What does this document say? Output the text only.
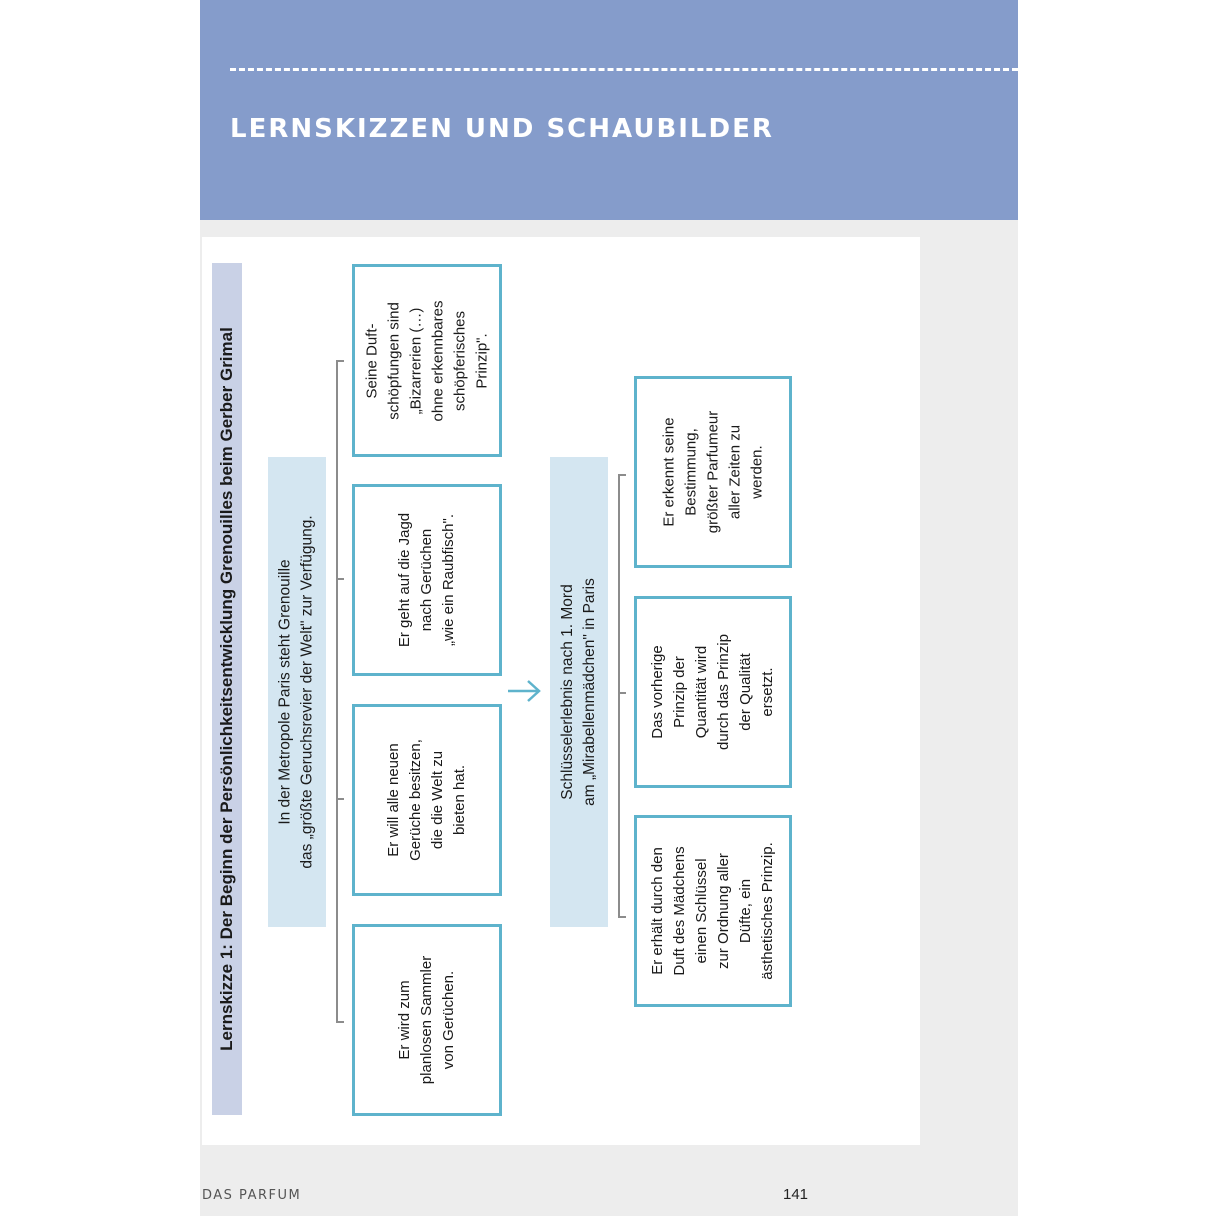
LERNSKIZZEN UND SCHAUBILDER
Lernskizze 1: Der Beginn der Persönlichkeitsentwicklung Grenouilles beim Gerber Grimal	In der Metropole Paris steht Grenouille das „größte Geruchsrevier der Welt" zur Verfügung.
Er wird zum planlosen Sammler von Gerüchen.
Er will alle neuen Gerüche besitzen, die die Welt zu bieten hat.
Er geht auf die Jagd nach Gerüchen „wie ein Raubfisch".
Seine Duft- schöpfungen sind „Bizarrerien (…) ohne erkennbares schöpferisches Prinzip".
Schlüsselerlebnis nach 1. Mord am „Mirabellenmädchen" in Paris
Er erhält durch den Duft des Mädchens einen Schlüssel zur Ordnung aller Düfte, ein ästhetisches Prinzip.
Das vorherige Prinzip der Quantität wird durch das Prinzip der Qualität ersetzt.
Er erkennt seine Bestimmung, größter Parfumeur aller Zeiten zu werden.
DAS PARFUM	141
